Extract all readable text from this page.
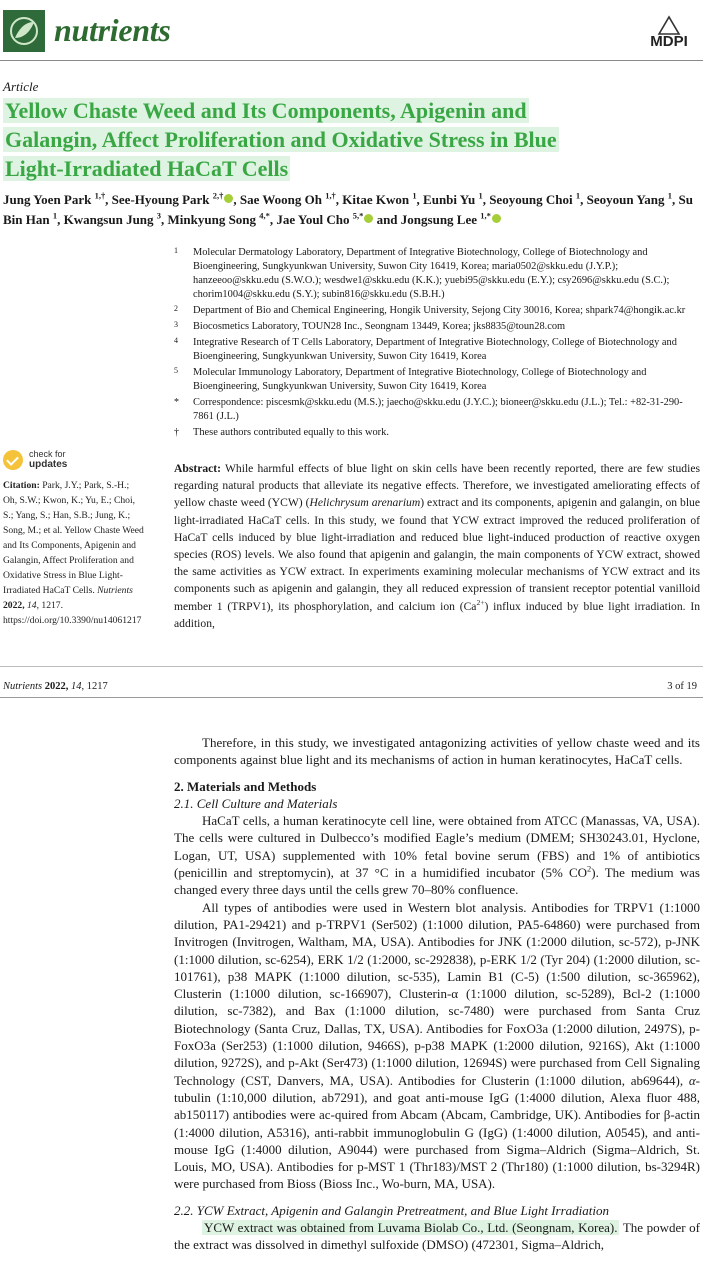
nutrients	MDPI
Article
Yellow Chaste Weed and Its Components, Apigenin and
Galangin, Affect Proliferation and Oxidative Stress in Blue
Light-Irradiated HaCaT Cells
Jung Yoen Park $^{1,\dagger}$, See-Hyoung Park $^{2,\dagger}$ , Sae Woong Oh $^{1,\dagger}$, Kitae Kwon $^1$, Eunbi Yu $^1$, Seoyoung Choi $^1$, Seoyoun Yang $^1$, Su Bin Han $^1$, Kwangsun Jung $^3$, Minkyung Song $^{4,*}$, Jae Youl Cho $^{5,*}$ and Jongsung Lee $^{1,*}$
1 Molecular Dermatology Laboratory, Department of Integrative Biotechnology, College of Biotechnology and Bioengineering, Sungkyunkwan University, Suwon City 16419, Korea; maria0502@skku.edu (J.Y.P.); hanzeeoo@skku.edu (S.W.O.); wesdwe1@skku.edu (K.K.); yuebi95@skku.edu (E.Y.); csy2696@skku.edu (S.C.); chorim1004@skku.edu (S.Y.); subin816@skku.edu (S.B.H.)
2 Department of Bio and Chemical Engineering, Hongik University, Sejong City 30016, Korea; shpark74@hongik.ac.kr
3 Biocosmetics Laboratory, TOUN28 Inc., Seongnam 13449, Korea; jks8835@toun28.com
4 Integrative Research of T Cells Laboratory, Department of Integrative Biotechnology, College of Biotechnology and Bioengineering, Sungkyunkwan University, Suwon City 16419, Korea
5 Molecular Immunology Laboratory, Department of Integrative Biotechnology, College of Biotechnology and Bioengineering, Sungkyunkwan University, Suwon City 16419, Korea
* Correspondence: piscesmk@skku.edu (M.S.); jaecho@skku.edu (J.Y.C.); bioneer@skku.edu (J.L.); Tel.: +82-31-290-7861 (J.L.)
† These authors contributed equally to this work.
check for
updates
Citation: Park, J.Y.; Park, S.-H.; Oh, S.W.; Kwon, K.; Yu, E.; Choi, S.; Yang, S.; Han, S.B.; Jung, K.; Song, M.; et al. Yellow Chaste Weed and Its Components, Apigenin and Galangin, Affect Proliferation and Oxidative Stress in Blue Light-Irradiated HaCaT Cells. Nutrients 2022, 14, 1217. https://doi.org/10.3390/nu14061217

Abstract: While harmful effects of blue light on skin cells have been recently reported, there are few studies regarding natural products that alleviate its negative effects. Therefore, we investigated ameliorating effects of yellow chaste weed (YCW) (Helichrysum arenarium) extract and its components, apigenin and galangin, on blue light-irradiated HaCaT cells. In this study, we found that YCW extract improved the reduced proliferation of HaCaT cells induced by blue light-irradiation and reduced blue light-induced production of reactive oxygen species (ROS) levels. We also found that apigenin and galangin, the main components of YCW extract, showed the same activities as YCW extract. In experiments examining molecular mechanisms of YCW extract and its components such as apigenin and galangin, they all reduced expression of transient receptor potential vanilloid member 1 (TRPV1), its phosphorylation, and calcium ion $(Ca^{2+})$ influx induced by blue light irradiation. In addition,

Nutrients 2022, 14, 1217	3 of 19

Therefore, in this study, we investigated antagonizing activities of yellow chaste weed and its components against blue light and its mechanisms of action in human keratinocytes, HaCaT cells.

2. Materials and Methods

2.1. Cell Culture and Materials

HaCaT cells, a human keratinocyte cell line, were obtained from ATCC (Manassas, VA, USA). The cells were cultured in Dulbecco’s modified Eagle’s medium (DMEM; SH30243.01, Hyclone, Logan, UT, USA) supplemented with 10% fetal bovine serum (FBS) and 1% of antibiotics (penicillin and streptomycin), at 37 °C in a humidified incubator (5% $CO^2$). The medium was changed every three days until the cells grew 70–80% confluence.

All types of antibodies were used in Western blot analysis. Antibodies for TRPV1 (1:1000 dilution, PA1-29421) and p-TRPV1 (Ser502) (1:1000 dilution, PA5-64860) were purchased from Invitrogen (Invitrogen, Waltham, MA, USA). Antibodies for JNK (1:2000 dilution, sc-572), p-JNK (1:1000 dilution, sc-6254), ERK 1/2 (1:2000, sc-292838), p-ERK 1/2 (Tyr 204) (1:2000 dilution, sc-101761), p38 MAPK (1:1000 dilution, sc-535), Lamin B1 (C-5) (1:500 dilution, sc-365962), Clusterin (1:1000 dilution, sc-166907), Clusterin-α (1:1000 dilution, sc-5289), Bcl-2 (1:1000 dilution, sc-7382), and Bax (1:1000 dilution, sc-7480) were purchased from Santa Cruz Biotechnology (Santa Cruz, Dallas, TX, USA). Antibodies for FoxO3a (1:2000 dilution, 2497S), p-FoxO3a (Ser253) (1:1000 dilution, 9466S), p-p38 MAPK (1:2000 dilution, 9216S), Akt (1:1000 dilution, 9272S), and p-Akt (Ser473) (1:1000 dilution, 12694S) were purchased from Cell Signaling Technology (CST, Danvers, MA, USA). Antibodies for Clusterin (1:1000 dilution, ab69644), α-tubulin (1:10,000 dilution, ab7291), and goat anti-mouse IgG (1:4000 dilution, Alexa fluor 488, ab150117) antibodies were ac-quired from Abcam (Abcam, Cambridge, UK). Antibodies for β-actin (1:4000 dilution, A5316), anti-rabbit immunoglobulin G (IgG) (1:4000 dilution, A0545), and anti-mouse IgG (1:4000 dilution, A9044) were purchased from Sigma–Aldrich (Sigma–Aldrich, St. Louis, MO, USA). Antibodies for p-MST 1 (Thr183)/MST 2 (Thr180) (1:1000 dilution, bs-3294R) were purchased from Bioss (Bioss Inc., Wo-burn, MA, USA).

2.2. YCW Extract, Apigenin and Galangin Pretreatment, and Blue Light Irradiation

YCW extract was obtained from Luvama Biolab Co., Ltd. (Seongnam, Korea). The powder of the extract was dissolved in dimethyl sulfoxide (DMSO) (472301, Sigma–Aldrich,
